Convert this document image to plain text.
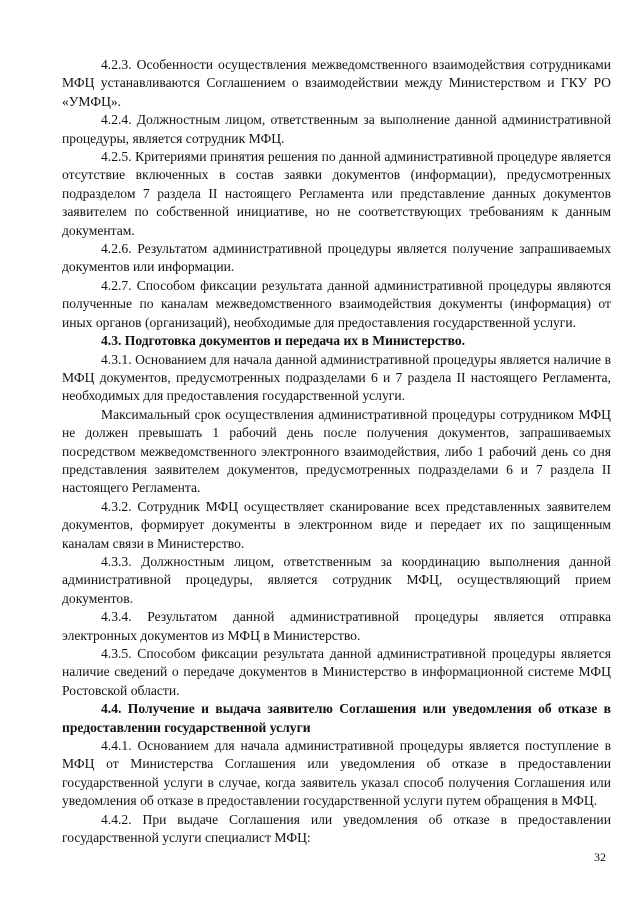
4.2.3. Особенности осуществления межведомственного взаимодействия сотрудниками МФЦ устанавливаются Соглашением о взаимодействии между Министерством и ГКУ РО «УМФЦ».

4.2.4. Должностным лицом, ответственным за выполнение данной административной процедуры, является сотрудник МФЦ.

4.2.5. Критериями принятия решения по данной административной процедуре является отсутствие включенных в состав заявки документов (информации), предусмотренных подразделом 7 раздела II настоящего Регламента или представление данных документов заявителем по собственной инициативе, но не соответствующих требованиям к данным документам.

4.2.6. Результатом административной процедуры является получение запрашиваемых документов или информации.

4.2.7. Способом фиксации результата данной административной процедуры являются полученные по каналам межведомственного взаимодействия документы (информация) от иных органов (организаций), необходимые для предоставления государственной услуги.

4.3. Подготовка документов и передача их в Министерство.

4.3.1. Основанием для начала данной административной процедуры является наличие в МФЦ документов, предусмотренных подразделами 6 и 7 раздела II настоящего Регламента, необходимых для предоставления государственной услуги.

Максимальный срок осуществления административной процедуры сотрудником МФЦ не должен превышать 1 рабочий день после получения документов, запрашиваемых посредством межведомственного электронного взаимодействия, либо 1 рабочий день со дня представления заявителем документов, предусмотренных подразделами 6 и 7 раздела II настоящего Регламента.

4.3.2. Сотрудник МФЦ осуществляет сканирование всех представленных заявителем документов, формирует документы в электронном виде и передает их по защищенным каналам связи в Министерство.

4.3.3. Должностным лицом, ответственным за координацию выполнения данной административной процедуры, является сотрудник МФЦ, осуществляющий прием документов.

4.3.4. Результатом данной административной процедуры является отправка электронных документов из МФЦ в Министерство.

4.3.5. Способом фиксации результата данной административной процедуры является наличие сведений о передаче документов в Министерство в информационной системе МФЦ Ростовской области.

4.4. Получение и выдача заявителю Соглашения или уведомления об отказе в предоставлении государственной услуги

4.4.1. Основанием для начала административной процедуры является поступление в МФЦ от Министерства Соглашения или уведомления об отказе в предоставлении государственной услуги в случае, когда заявитель указал способ получения Соглашения или уведомления об отказе в предоставлении государственной услуги путем обращения в МФЦ.

4.4.2. При выдаче Соглашения или уведомления об отказе в предоставлении государственной услуги специалист МФЦ:

32
